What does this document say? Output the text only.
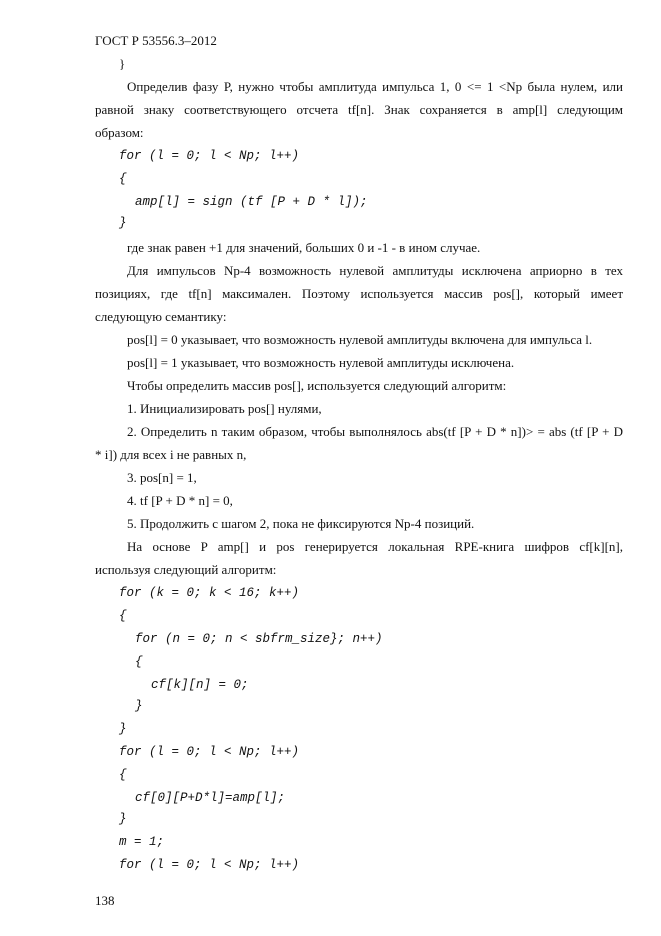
ГОСТ Р 53556.3–2012
}
Определив фазу P, нужно чтобы амплитуда импульса 1, 0 <= 1 <Np была нулем, или
равной знаку соответствующего отсчета tf[n]. Знак сохраняется в amp[l] следующим
образом:
for (l = 0; l < Np; l++)
{
amp[l] = sign (tf [P + D * l]);
}
где знак равен +1 для значений, больших 0 и -1 - в ином случае.
Для импульсов Np-4 возможность нулевой амплитуды исключена априорно в тех
позициях, где tf[n] максимален. Поэтому используется массив pos[], который имеет
следующую семантику:
pos[l] = 0 указывает, что возможность нулевой амплитуды включена для импульса l.
pos[l] = 1 указывает, что возможность нулевой амплитуды исключена.
Чтобы определить массив pos[], используется следующий алгоритм:
1. Инициализировать pos[] нулями,
2. Определить n таким образом, чтобы выполнялось abs(tf [P + D * n])> = abs (tf [P + D
* i]) для всех i не равных n,
3. pos[n] = 1,
4. tf [P + D * n] = 0,
5. Продолжить с шагом 2, пока не фиксируются Np-4 позиций.
На основе P amp[] и pos генерируется локальная RPE-книга шифров cf[k][n],
используя следующий алгоритм:
for (k = 0; k < 16; k++)
{
for (n = 0; n < sbfrm_size}; n++)
{
cf[k][n] = 0;
}
}
for (l = 0; l < Np; l++)
{
cf[0][P+D*l]=amp[l];
}
m = 1;
for (l = 0; l < Np; l++)
138
